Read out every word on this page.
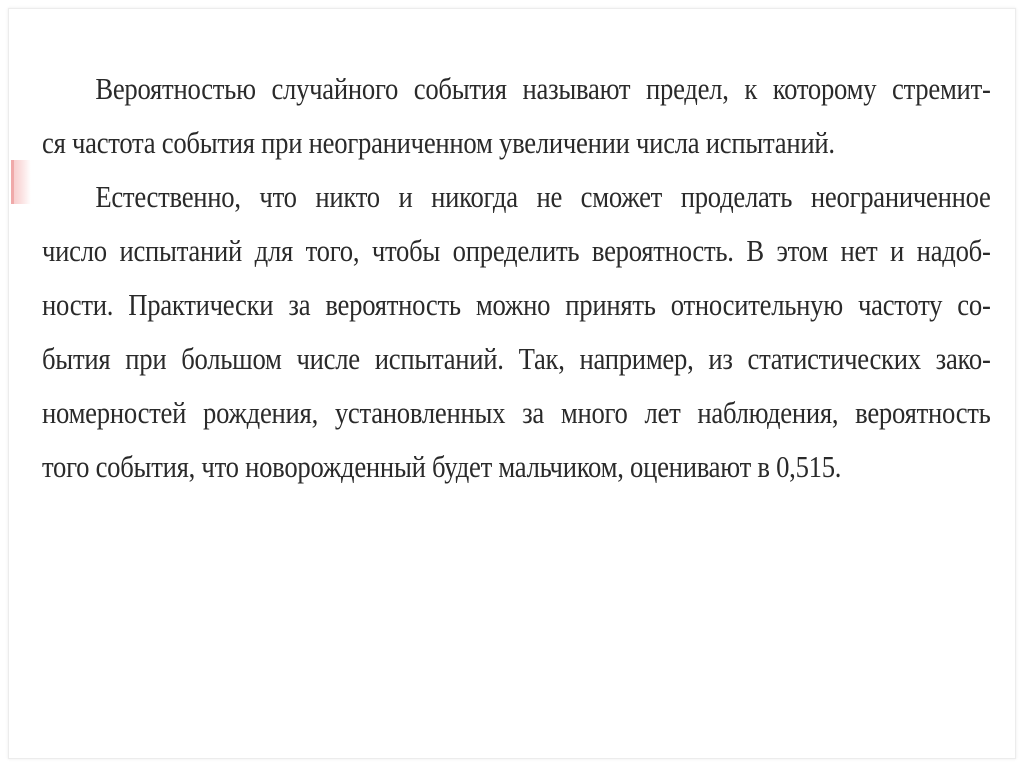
Вероятностью случайного события называют предел, к которому стремит-
ся частота события при неограниченном увеличении числа испытаний.
Естественно, что никто и никогда не сможет проделать неограниченное
число испытаний для того, чтобы определить вероятность. В этом нет и надоб-
ности. Практически за вероятность можно принять относительную частоту со-
бытия при большом числе испытаний. Так, например, из статистических зако-
номерностей рождения, установленных за много лет наблюдения, вероятность
того события, что новорожденный будет мальчиком, оценивают в 0,515.
